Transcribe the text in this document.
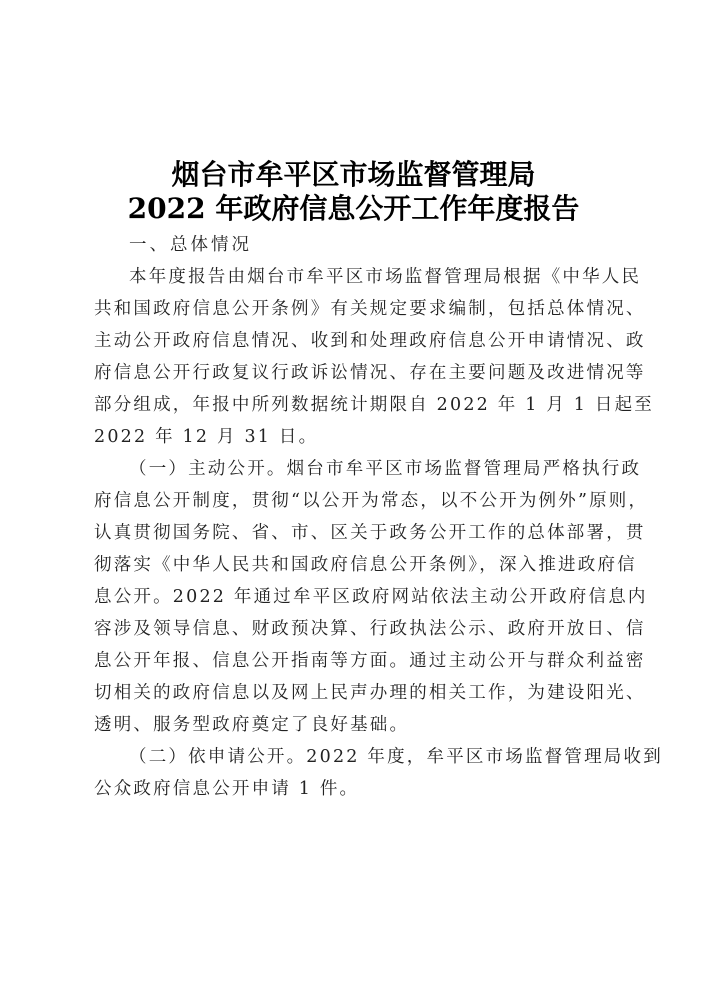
烟台市牟平区市场监督管理局
2022 年政府信息公开工作年度报告
一、总体情况
本年度报告由烟台市牟平区市场监督管理局根据《中华人民
共和国政府信息公开条例》有关规定要求编制，包括总体情况、
主动公开政府信息情况、收到和处理政府信息公开申请情况、政
府信息公开行政复议行政诉讼情况、存在主要问题及改进情况等
部分组成，年报中所列数据统计期限自 2022 年 1 月 1 日起至
2022 年 12 月 31 日。
（一）主动公开。烟台市牟平区市场监督管理局严格执行政
府信息公开制度，贯彻“以公开为常态，以不公开为例外”原则，
认真贯彻国务院、省、市、区关于政务公开工作的总体部署，贯
彻落实《中华人民共和国政府信息公开条例》，深入推进政府信
息公开。2022 年通过牟平区政府网站依法主动公开政府信息内
容涉及领导信息、财政预决算、行政执法公示、政府开放日、信
息公开年报、信息公开指南等方面。通过主动公开与群众利益密
切相关的政府信息以及网上民声办理的相关工作，为建设阳光、
透明、服务型政府奠定了良好基础。
（二）依申请公开。2022 年度，牟平区市场监督管理局收到
公众政府信息公开申请 1 件。
